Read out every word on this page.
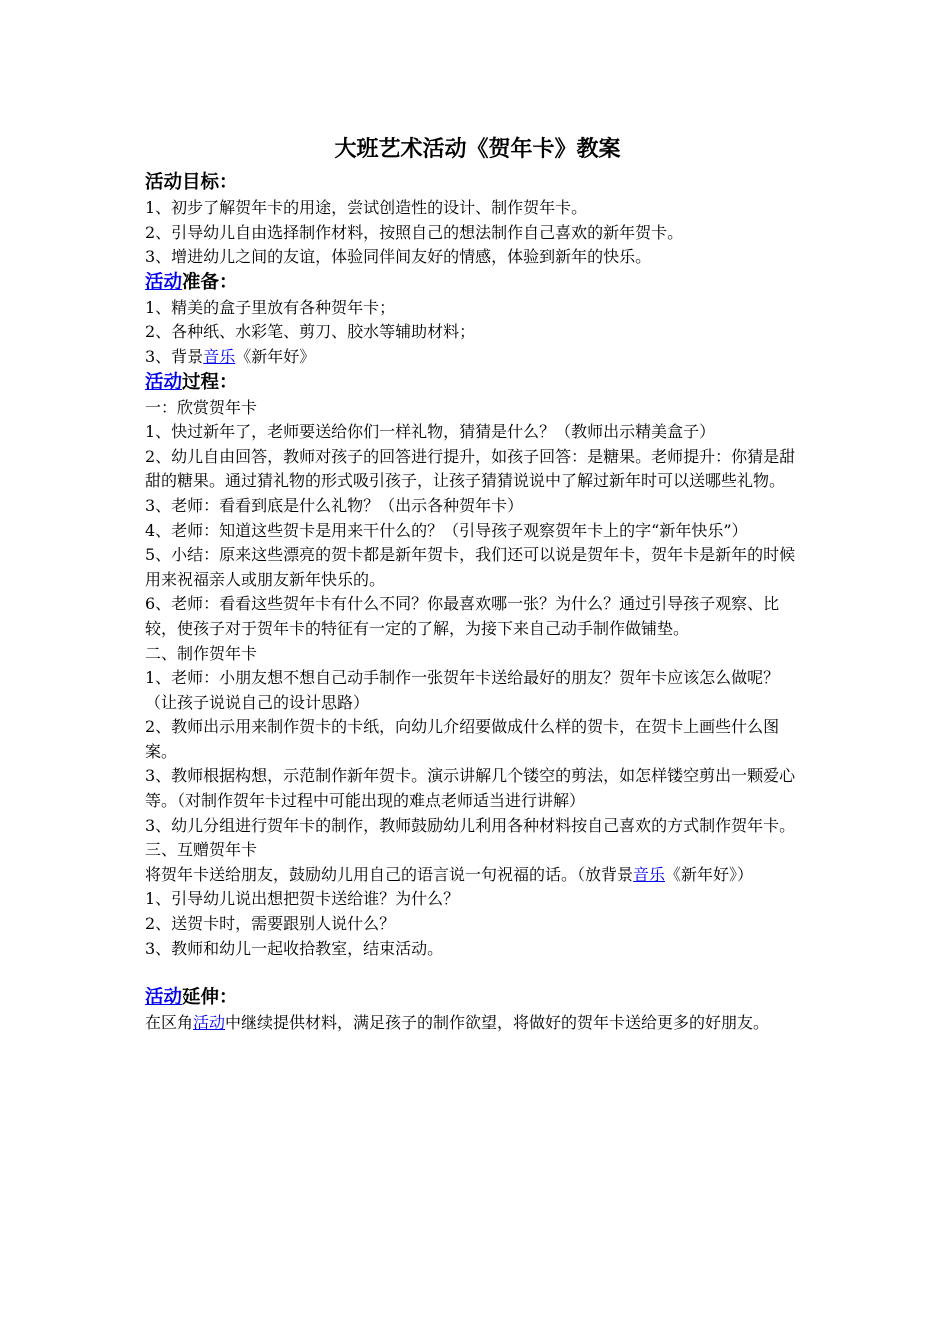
大班艺术活动《贺年卡》教案
活动目标：
1、初步了解贺年卡的用途，尝试创造性的设计、制作贺年卡。
2、引导幼儿自由选择制作材料，按照自己的想法制作自己喜欢的新年贺卡。
3、增进幼儿之间的友谊，体验同伴间友好的情感，体验到新年的快乐。
活动准备：
1、精美的盒子里放有各种贺年卡；
2、各种纸、水彩笔、剪刀、胶水等辅助材料；
3、背景音乐《新年好》
活动过程：
一：欣赏贺年卡
1、快过新年了，老师要送给你们一样礼物，猜猜是什么？（教师出示精美盒子）
2、幼儿自由回答，教师对孩子的回答进行提升，如孩子回答：是糖果。老师提升：你猜是甜甜的糖果。通过猜礼物的形式吸引孩子，让孩子猜猜说说中了解过新年时可以送哪些礼物。
3、老师：看看到底是什么礼物？（出示各种贺年卡）
4、老师：知道这些贺卡是用来干什么的？（引导孩子观察贺年卡上的字“新年快乐”）
5、小结：原来这些漂亮的贺卡都是新年贺卡，我们还可以说是贺年卡，贺年卡是新年的时候用来祝福亲人或朋友新年快乐的。
6、老师：看看这些贺年卡有什么不同？你最喜欢哪一张？为什么？通过引导孩子观察、比较，使孩子对于贺年卡的特征有一定的了解，为接下来自己动手制作做铺垫。
二、制作贺年卡
1、老师：小朋友想不想自己动手制作一张贺年卡送给最好的朋友？贺年卡应该怎么做呢？（让孩子说说自己的设计思路）
2、教师出示用来制作贺卡的卡纸，向幼儿介绍要做成什么样的贺卡，在贺卡上画些什么图案。
3、教师根据构想，示范制作新年贺卡。演示讲解几个镂空的剪法，如怎样镂空剪出一颗爱心等。（对制作贺年卡过程中可能出现的难点老师适当进行讲解）
3、幼儿分组进行贺年卡的制作，教师鼓励幼儿利用各种材料按自己喜欢的方式制作贺年卡。
三、互赠贺年卡
将贺年卡送给朋友，鼓励幼儿用自己的语言说一句祝福的话。（放背景音乐《新年好》）
1、引导幼儿说出想把贺卡送给谁？为什么？
2、送贺卡时，需要跟别人说什么？
3、教师和幼儿一起收拾教室，结束活动。
活动延伸：
在区角活动中继续提供材料，满足孩子的制作欲望，将做好的贺年卡送给更多的好朋友。
